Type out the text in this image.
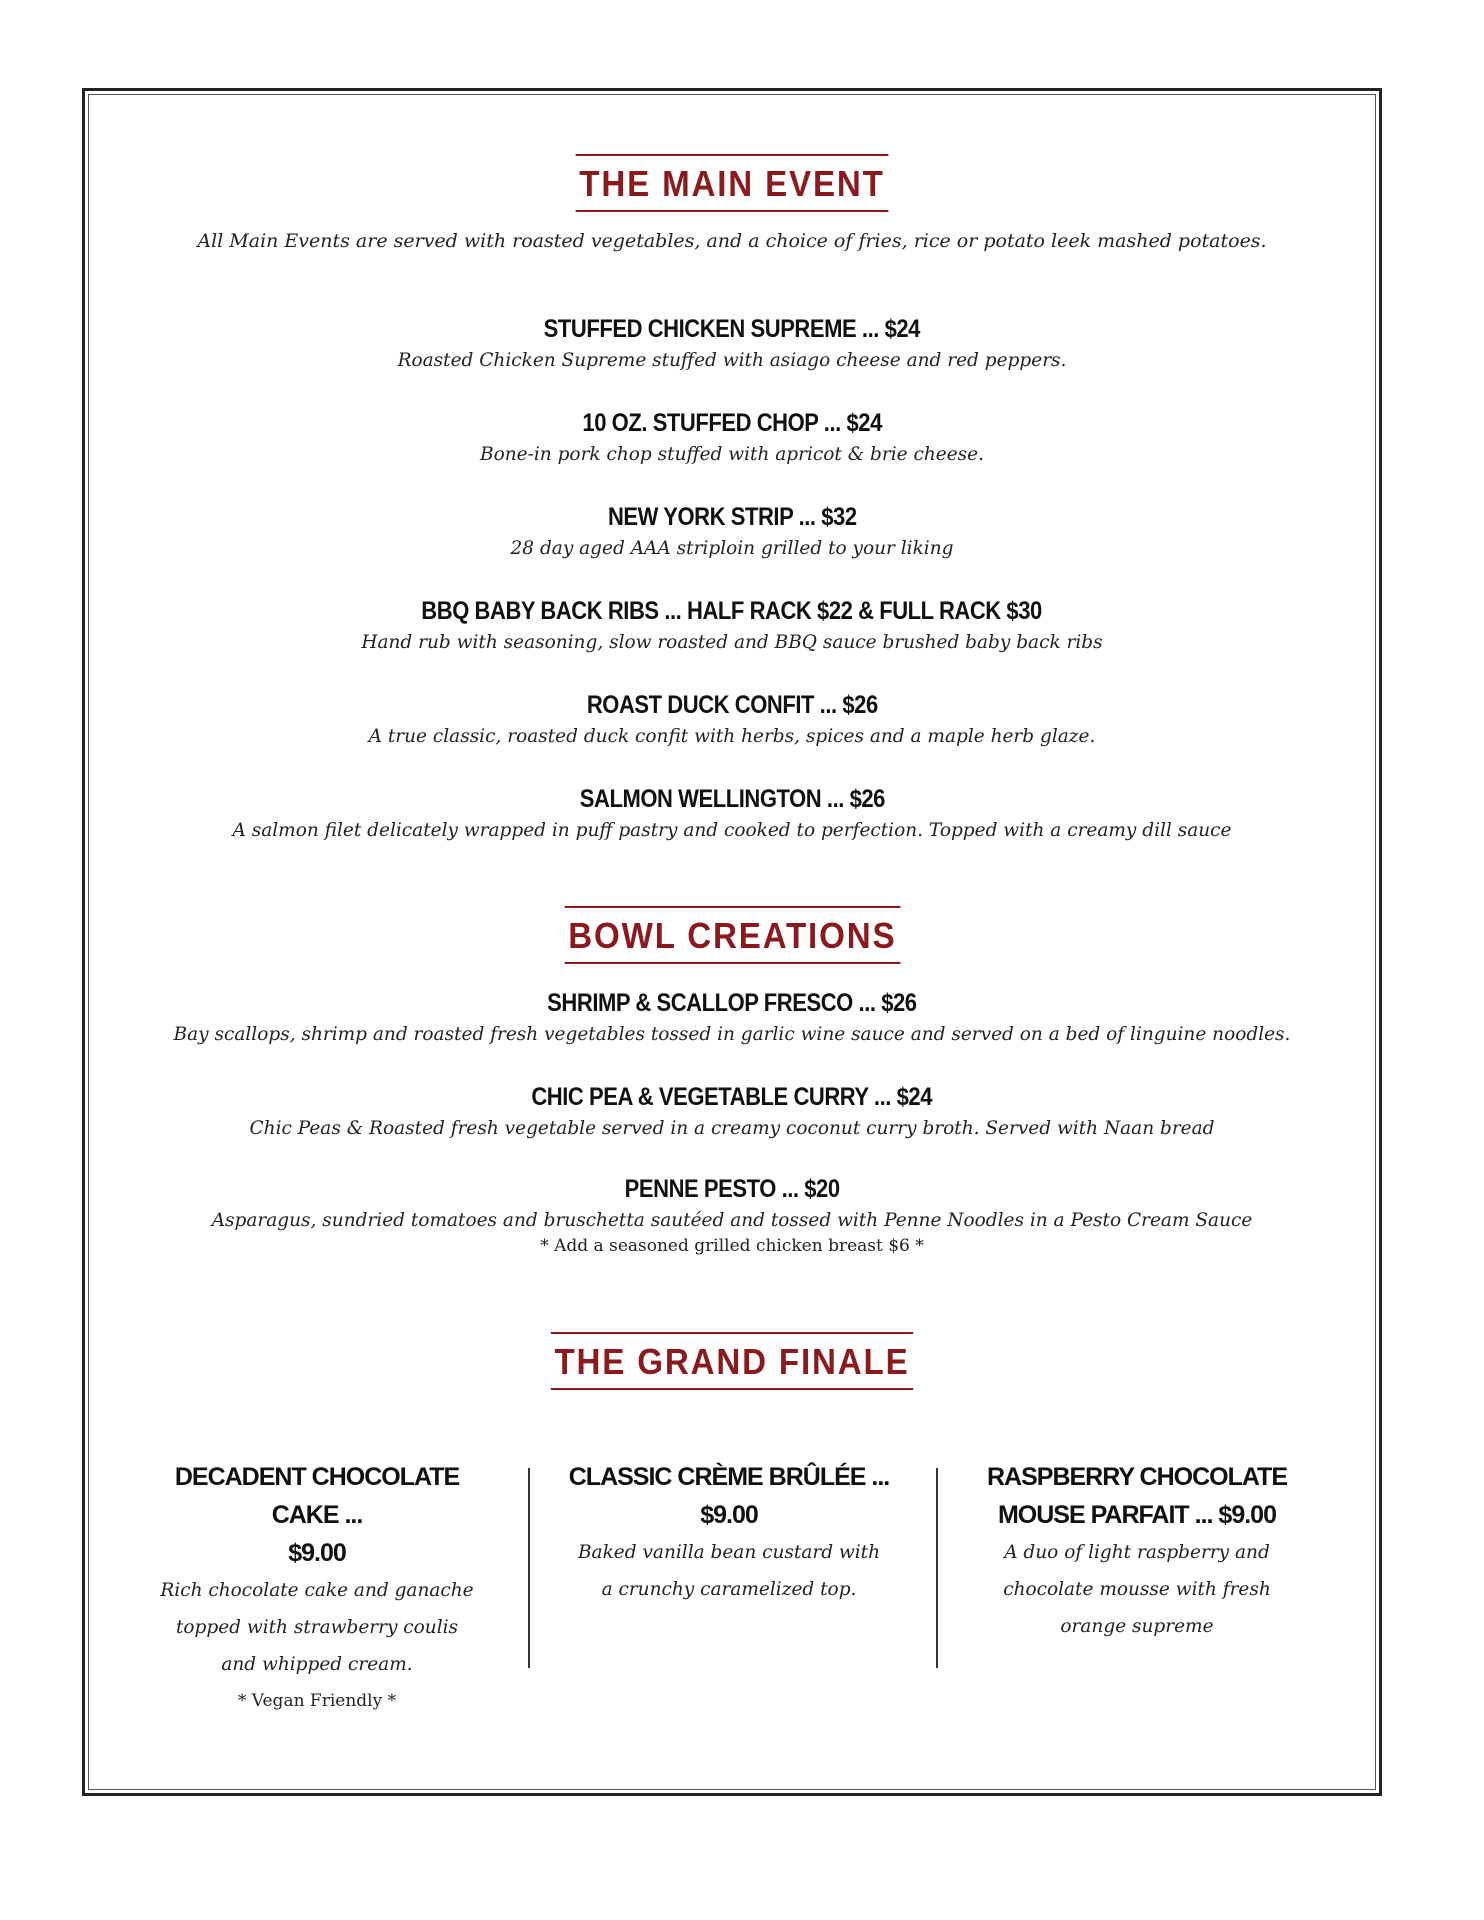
THE MAIN EVENT
All Main Events are served with roasted vegetables, and a choice of fries, rice or potato leek mashed potatoes.
STUFFED CHICKEN SUPREME ... $24
Roasted Chicken Supreme stuffed with asiago cheese and red peppers.
10 OZ. STUFFED CHOP ... $24
Bone-in pork chop stuffed with apricot & brie cheese.
NEW YORK STRIP ... $32
28 day aged AAA striploin grilled to your liking
BBQ BABY BACK RIBS ... HALF RACK $22 & FULL RACK $30
Hand rub with seasoning, slow roasted and BBQ sauce brushed baby back ribs
ROAST DUCK CONFIT ... $26
A true classic, roasted duck confit with herbs, spices and a maple herb glaze.
SALMON WELLINGTON ... $26
A salmon filet delicately wrapped in puff pastry and cooked to perfection. Topped with a creamy dill sauce
BOWL CREATIONS
SHRIMP & SCALLOP FRESCO ... $26
Bay scallops, shrimp and roasted fresh vegetables tossed in garlic wine sauce and served on a bed of linguine noodles.
CHIC PEA & VEGETABLE CURRY ... $24
Chic Peas & Roasted fresh vegetable served in a creamy coconut curry broth. Served with Naan bread
PENNE PESTO ... $20
Asparagus, sundried tomatoes and bruschetta sautéed and tossed with Penne Noodles in a Pesto Cream Sauce
* Add a seasoned grilled chicken breast $6 *
THE GRAND FINALE
DECADENT CHOCOLATE CAKE ...
$9.00
Rich chocolate cake and ganache
topped with strawberry coulis
and whipped cream.
* Vegan Friendly *
CLASSIC CRÈME BRÛLÉE ...
$9.00
Baked vanilla bean custard with
a crunchy caramelized top.
RASPBERRY CHOCOLATE
MOUSE PARFAIT ... $9.00
A duo of light raspberry and
chocolate mousse with fresh
orange supreme
